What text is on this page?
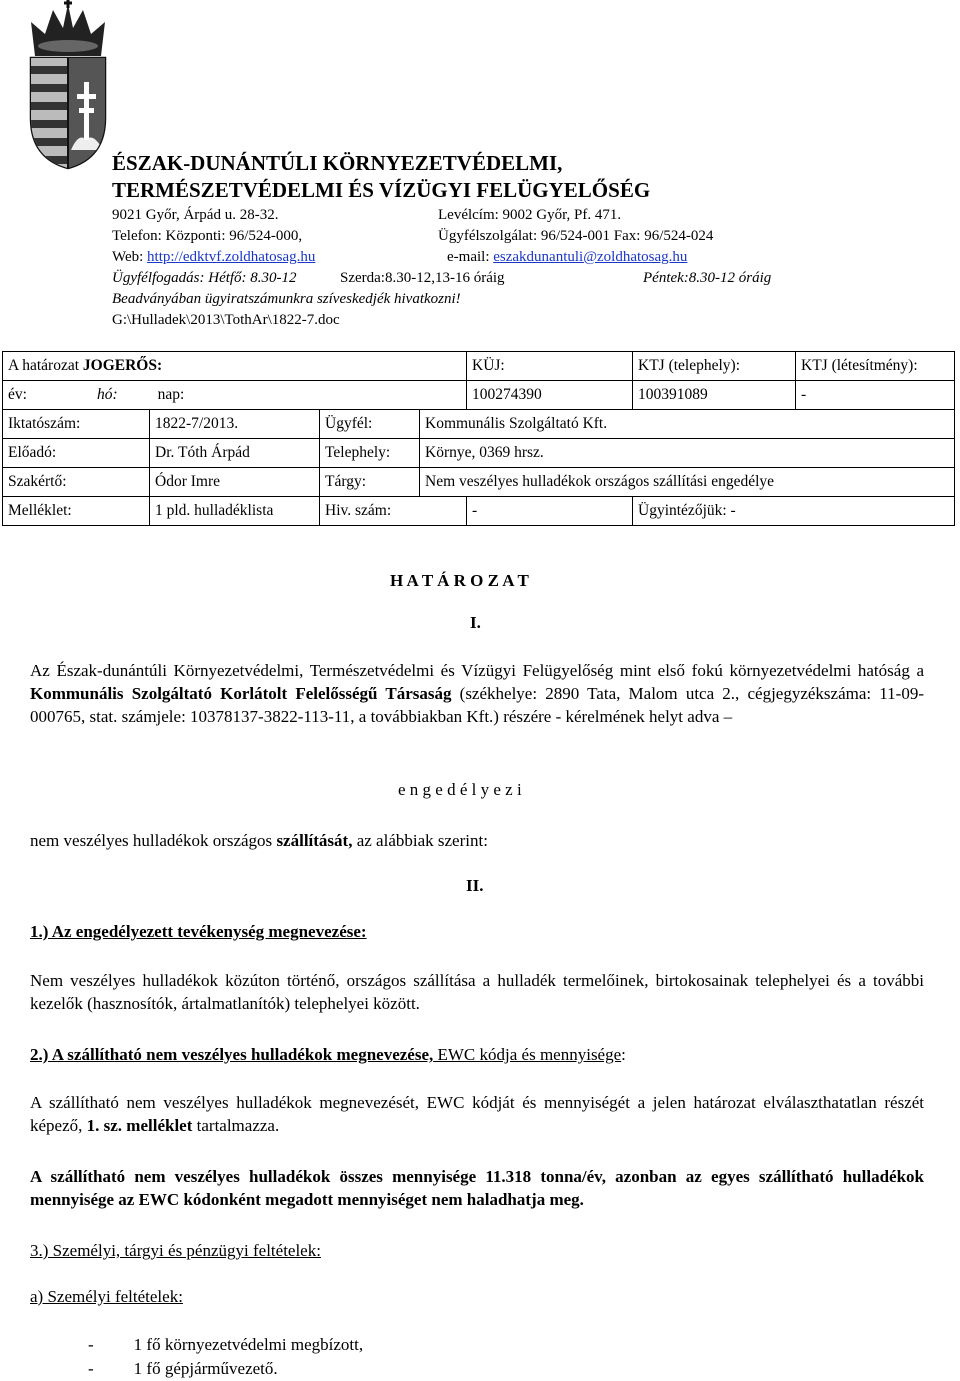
ÉSZAK-DUNÁNTÚLI KÖRNYEZETVÉDELMI,
TERMÉSZETVÉDELMI ÉS VÍZÜGYI FELÜGYELŐSÉG
9021 Győr, Árpád u. 28-32.	Levélcím: 9002 Győr, Pf. 471.
Telefon: Központi: 96/524-000,	Ügyfélszolgálat: 96/524-001 Fax: 96/524-024
Web: http://edktvf.zoldhatosag.hu	e-mail: eszakdunantuli@zoldhatosag.hu
Ügyfélfogadás: Hétfő: 8.30-12	Szerda:8.30-12,13-16 óráig	Péntek:8.30-12 óráig
Beadványában ügyiratszámunkra szíveskedjék hivatkozni!
G:\Hulladek\2013\TothAr\1822-7.doc
A határozat JOGERŐS:				KÜJ:	KTJ (telephely):	KTJ (létesítmény):
év: hó: nap:				100274390	100391089	-
Iktatószám:	1822-7/2013.	Ügyfél:	Kommunális Szolgáltató Kft.			
Előadó:	Dr. Tóth Árpád	Telephely:	Környe, 0369 hrsz.			
Szakértő:	Ódor Imre	Tárgy:	Nem veszélyes hulladékok országos szállítási engedélye			
Melléklet:	1 pld. hulladéklista	Hiv. szám:		-	Ügyintézőjük: -	
H A T Á R O Z A T
I.
Az Észak-dunántúli Környezetvédelmi, Természetvédelmi és Vízügyi Felügyelőség mint első fokú környezetvédelmi hatóság a Kommunális Szolgáltató Korlátolt Felelősségű Társaság (székhelye: 2890 Tata, Malom utca 2., cégjegyzékszáma: 11-09-000765, stat. számjele: 10378137-3822-113-11, a továbbiakban Kft.) részére - kérelmének helyt adva –
e n g e d é l y e z i
nem veszélyes hulladékok országos szállítását, az alábbiak szerint:
II.
1.) Az engedélyezett tevékenység megnevezése:
Nem veszélyes hulladékok közúton történő, országos szállítása a hulladék termelőinek, birtokosainak telephelyei és a további kezelők (hasznosítók, ártalmatlanítók) telephelyei között.
2.) A szállítható nem veszélyes hulladékok megnevezése, EWC kódja és mennyisége:
A szállítható nem veszélyes hulladékok megnevezését, EWC kódját és mennyiségét a jelen határozat elválaszthatatlan részét képező, 1. sz. melléklet tartalmazza.
A szállítható nem veszélyes hulladékok összes mennyisége 11.318 tonna/év, azonban az egyes szállítható hulladékok mennyisége az EWC kódonként megadott mennyiséget nem haladhatja meg.
3.) Személyi, tárgyi és pénzügyi feltételek:
a) Személyi feltételek:
- 1 fő környezetvédelmi megbízott,
- 1 fő gépjárművezető.
